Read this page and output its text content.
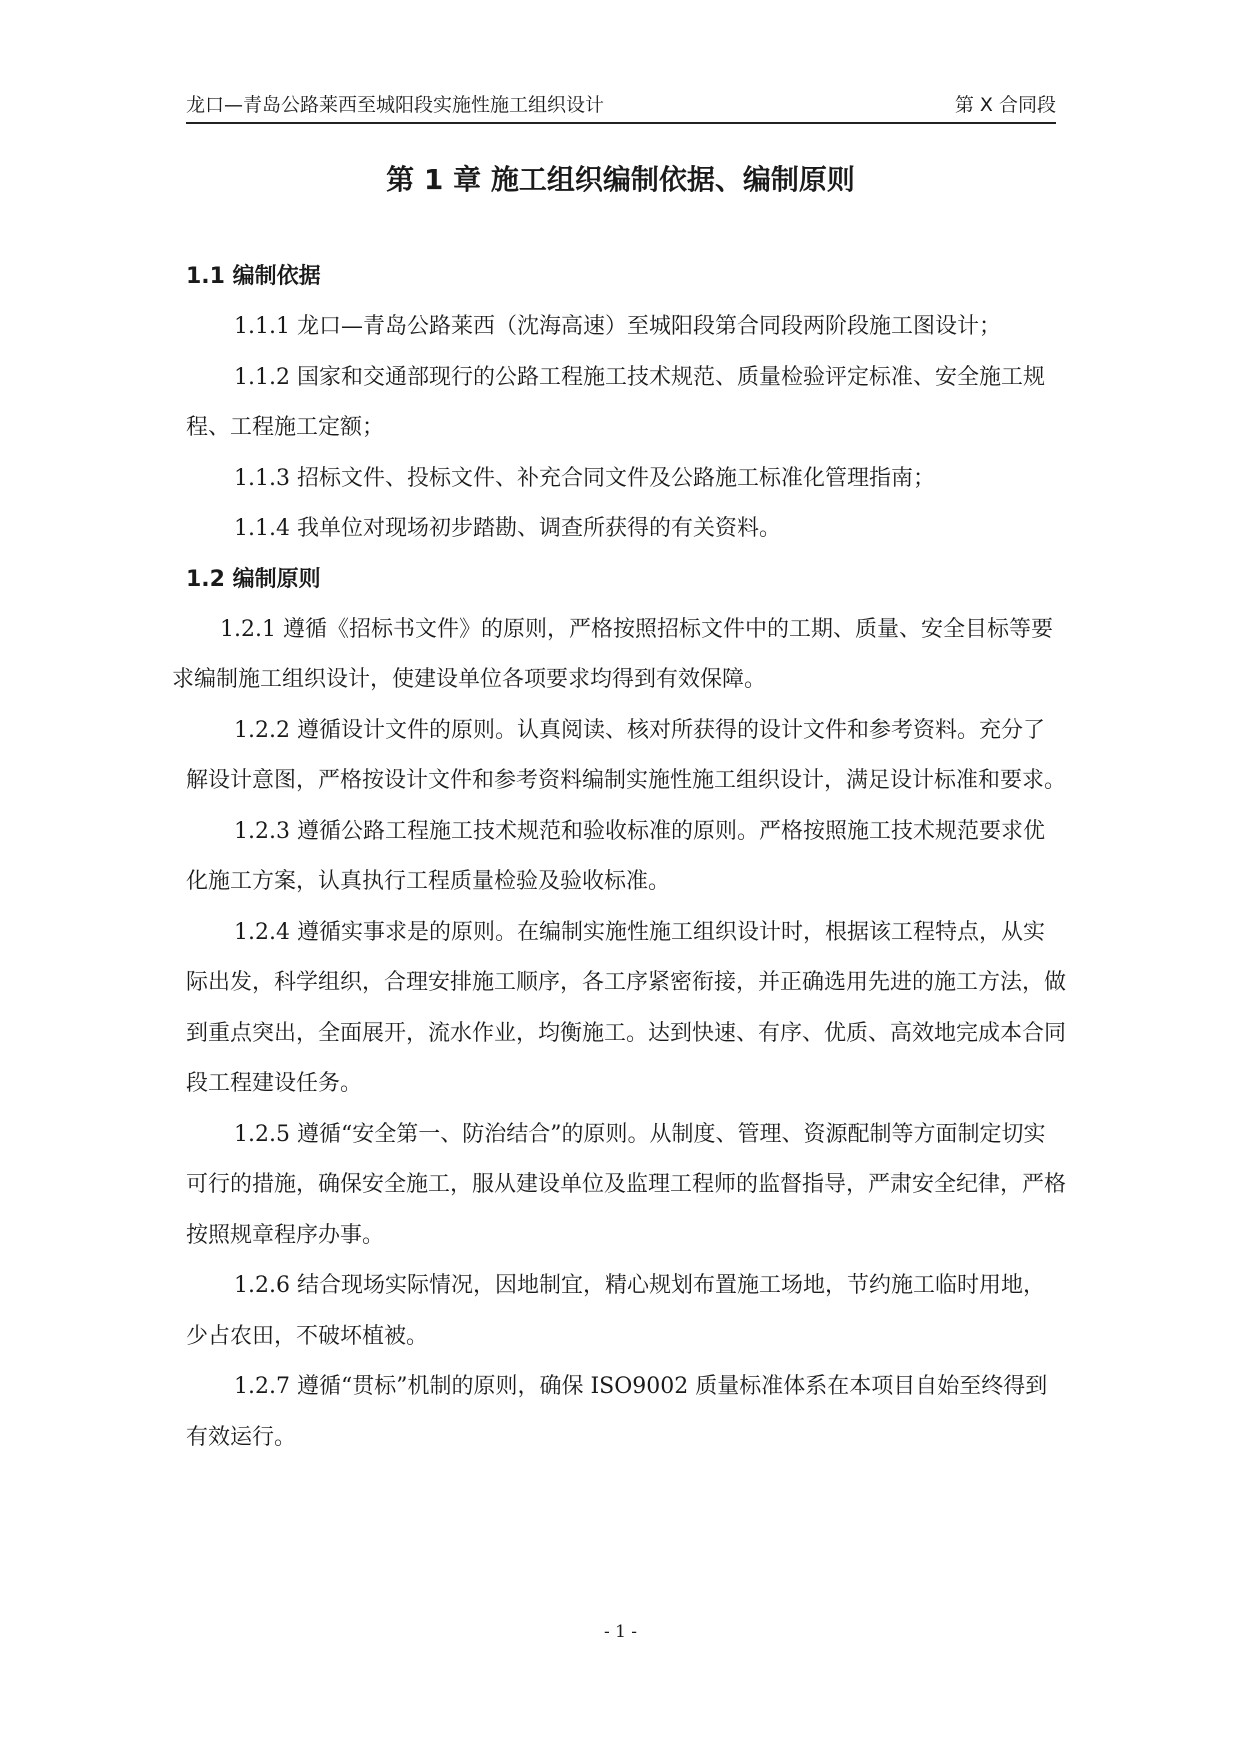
龙口—青岛公路莱西至城阳段实施性施工组织设计	第 X 合同段
第 1 章 施工组织编制依据、编制原则
1.1 编制依据

1.1.1 龙口—青岛公路莱西（沈海高速）至城阳段第合同段两阶段施工图设计；

1.1.2 国家和交通部现行的公路工程施工技术规范、质量检验评定标准、安全施工规程、工程施工定额；

1.1.3 招标文件、投标文件、补充合同文件及公路施工标准化管理指南；

1.1.4 我单位对现场初步踏勘、调查所获得的有关资料。

1.2 编制原则

1.2.1 遵循《招标书文件》的原则，严格按照招标文件中的工期、质量、安全目标等要求编制施工组织设计，使建设单位各项要求均得到有效保障。

1.2.2 遵循设计文件的原则。认真阅读、核对所获得的设计文件和参考资料。充分了解设计意图，严格按设计文件和参考资料编制实施性施工组织设计，满足设计标准和要求。

1.2.3 遵循公路工程施工技术规范和验收标准的原则。严格按照施工技术规范要求优化施工方案，认真执行工程质量检验及验收标准。

1.2.4 遵循实事求是的原则。在编制实施性施工组织设计时，根据该工程特点，从实际出发，科学组织，合理安排施工顺序，各工序紧密衔接，并正确选用先进的施工方法，做到重点突出，全面展开，流水作业，均衡施工。达到快速、有序、优质、高效地完成本合同段工程建设任务。

1.2.5 遵循“安全第一、防治结合”的原则。从制度、管理、资源配制等方面制定切实可行的措施，确保安全施工，服从建设单位及监理工程师的监督指导，严肃安全纪律，严格按照规章程序办事。

1.2.6 结合现场实际情况，因地制宜，精心规划布置施工场地，节约施工临时用地，少占农田，不破坏植被。

1.2.7 遵循“贯标”机制的原则，确保 ISO9002 质量标准体系在本项目自始至终得到有效运行。

- 1 -
